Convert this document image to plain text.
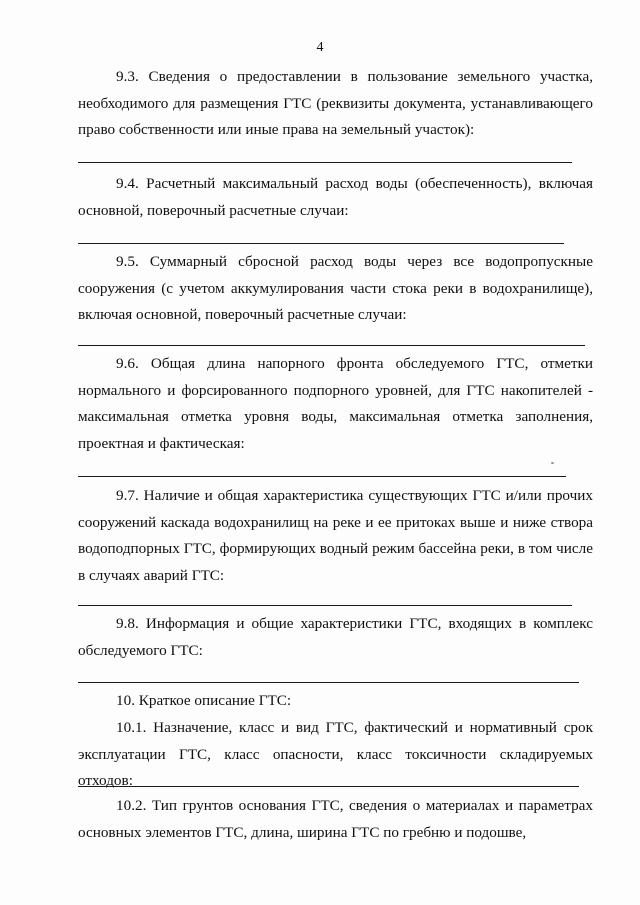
4

9.3. Сведения о предоставлении в пользование земельного участка, необходимого для размещения ГТС (реквизиты документа, устанавливающего право собственности или иные права на земельный участок):

9.4. Расчетный максимальный расход воды (обеспеченность), включая основной, поверочный расчетные случаи:

9.5. Суммарный сбросной расход воды через все водопропускные сооружения (с учетом аккумулирования части стока реки в водохранилище), включая основной, поверочный расчетные случаи:

9.6. Общая длина напорного фронта обследуемого ГТС, отметки нормального и форсированного подпорного уровней, для ГТС накопителей - максимальная отметка уровня воды, максимальная отметка заполнения, проектная и фактическая:

9.7. Наличие и общая характеристика существующих ГТС и/или прочих сооружений каскада водохранилищ на реке и ее притоках выше и ниже створа водоподпорных ГТС, формирующих водный режим бассейна реки, в том числе в случаях аварий ГТС:

9.8. Информация и общие характеристики ГТС, входящих в комплекс обследуемого ГТС:

10. Краткое описание ГТС:

10.1. Назначение, класс и вид ГТС, фактический и нормативный срок эксплуатации ГТС, класс опасности, класс токсичности складируемых отходов:

10.2. Тип грунтов основания ГТС, сведения о материалах и параметрах основных элементов ГТС, длина, ширина ГТС по гребню и подошве,
